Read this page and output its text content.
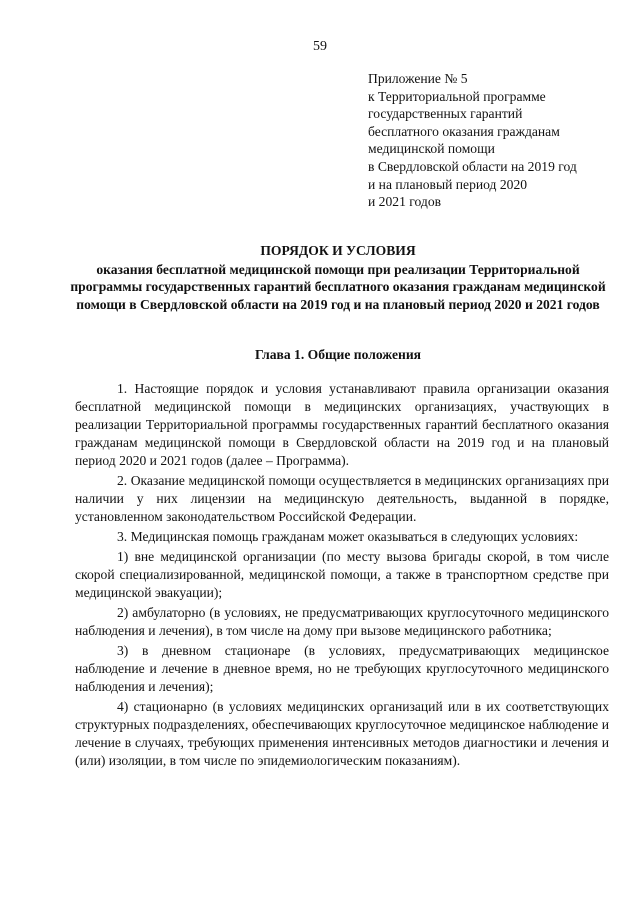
59
Приложение № 5
к Территориальной программе
государственных гарантий
бесплатного оказания гражданам
медицинской помощи
в Свердловской области на 2019 год
и на плановый период 2020
и 2021 годов
ПОРЯДОК И УСЛОВИЯ
оказания бесплатной медицинской помощи при реализации Территориальной программы государственных гарантий бесплатного оказания гражданам медицинской помощи в Свердловской области на 2019 год и на плановый период 2020 и 2021 годов
Глава 1. Общие положения

1. Настоящие порядок и условия устанавливают правила организации оказания бесплатной медицинской помощи в медицинских организациях, участвующих в реализации Территориальной программы государственных гарантий бесплатного оказания гражданам медицинской помощи в Свердловской области на 2019 год и на плановый период 2020 и 2021 годов (далее – Программа).

2. Оказание медицинской помощи осуществляется в медицинских организациях при наличии у них лицензии на медицинскую деятельность, выданной в порядке, установленном законодательством Российской Федерации.

3. Медицинская помощь гражданам может оказываться в следующих условиях:

1) вне медицинской организации (по месту вызова бригады скорой, в том числе скорой специализированной, медицинской помощи, а также в транспортном средстве при медицинской эвакуации);

2) амбулаторно (в условиях, не предусматривающих круглосуточного медицинского наблюдения и лечения), в том числе на дому при вызове медицинского работника;

3) в дневном стационаре (в условиях, предусматривающих медицинское наблюдение и лечение в дневное время, но не требующих круглосуточного медицинского наблюдения и лечения);

4) стационарно (в условиях медицинских организаций или в их соответствующих структурных подразделениях, обеспечивающих круглосуточное медицинское наблюдение и лечение в случаях, требующих применения интенсивных методов диагностики и лечения и (или) изоляции, в том числе по эпидемиологическим показаниям).
